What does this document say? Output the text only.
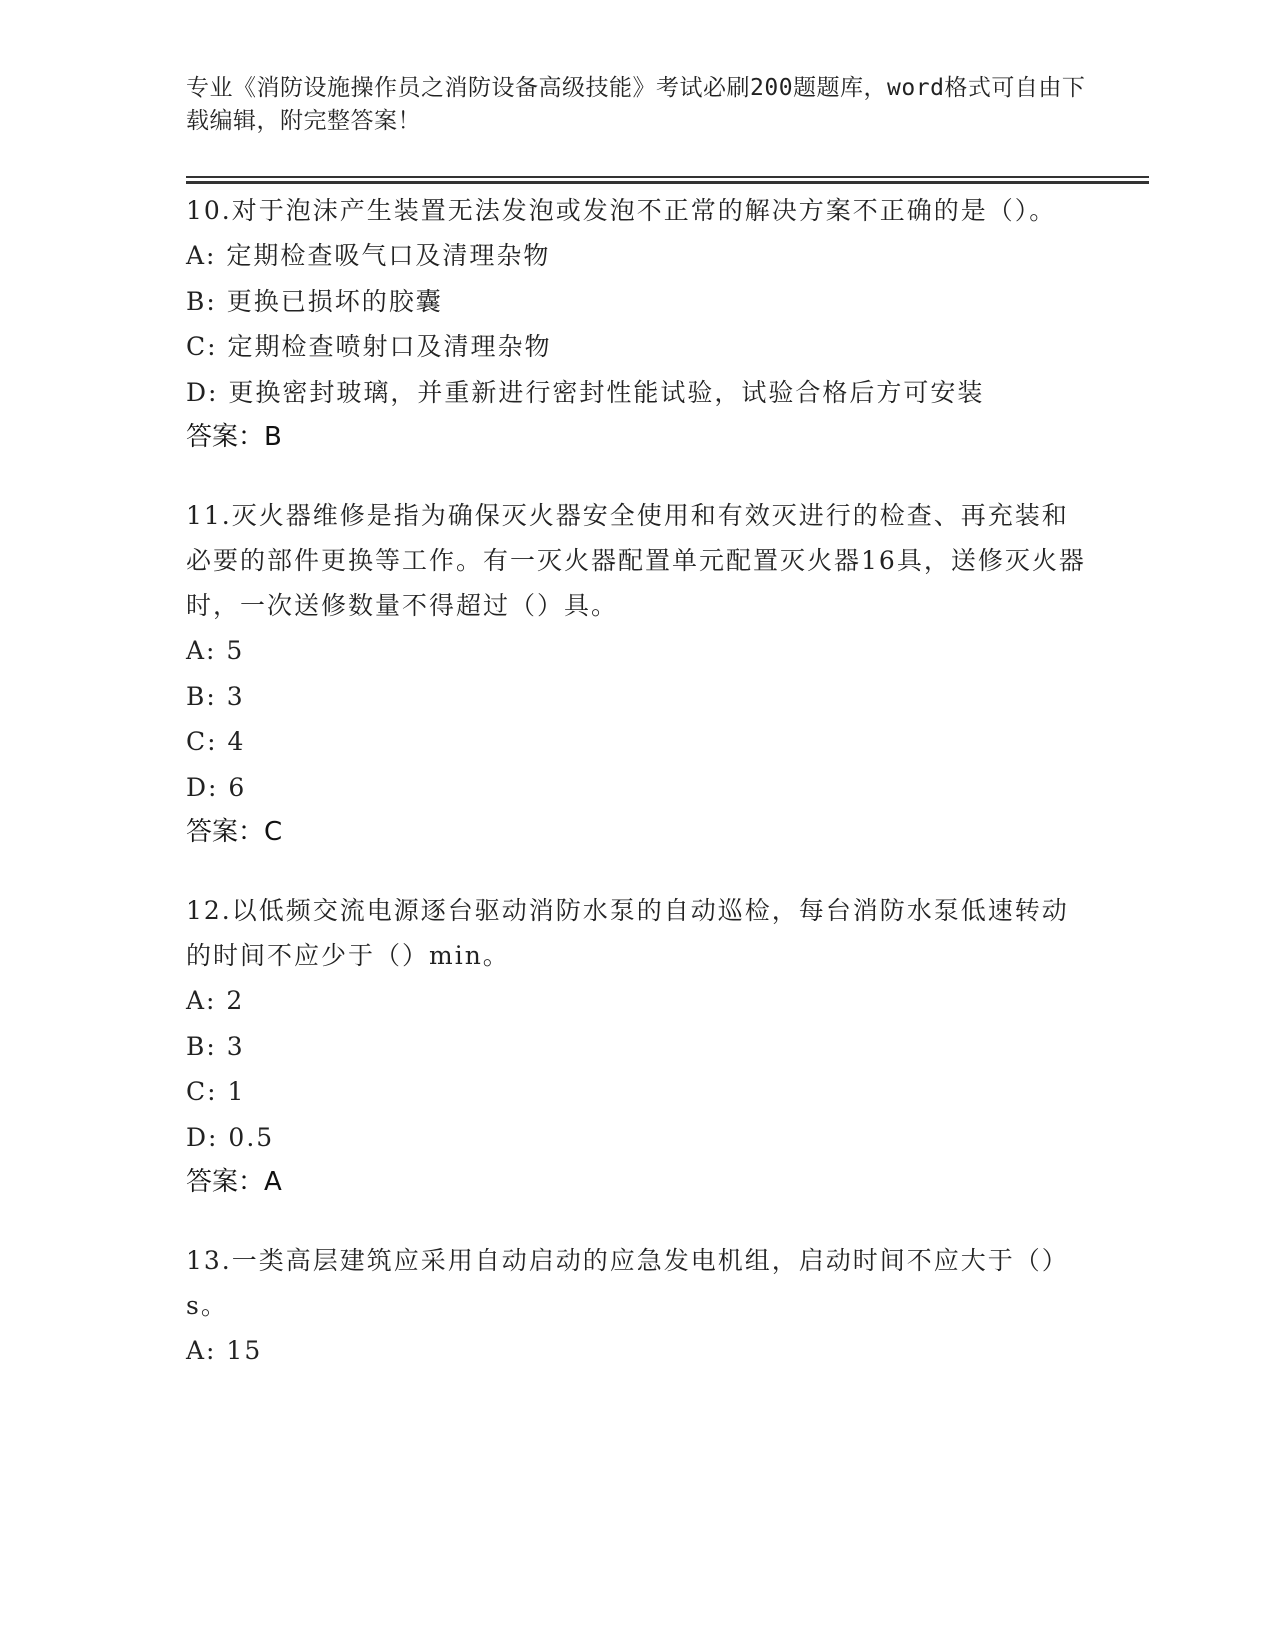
专业《消防设施操作员之消防设备高级技能》考试必刷200题题库，word格式可自由下载编辑，附完整答案！
10.对于泡沫产生装置无法发泡或发泡不正常的解决方案不正确的是（）。
A: 定期检查吸气口及清理杂物
B: 更换已损坏的胶囊
C: 定期检查喷射口及清理杂物
D: 更换密封玻璃，并重新进行密封性能试验，试验合格后方可安装
答案：B
11.灭火器维修是指为确保灭火器安全使用和有效灭进行的检查、再充装和必要的部件更换等工作。有一灭火器配置单元配置灭火器16具，送修灭火器时，一次送修数量不得超过（）具。
A: 5
B: 3
C: 4
D: 6
答案：C
12.以低频交流电源逐台驱动消防水泵的自动巡检，每台消防水泵低速转动的时间不应少于（）min。
A: 2
B: 3
C: 1
D: 0.5
答案：A
13.一类高层建筑应采用自动启动的应急发电机组，启动时间不应大于（）s。
A: 15
